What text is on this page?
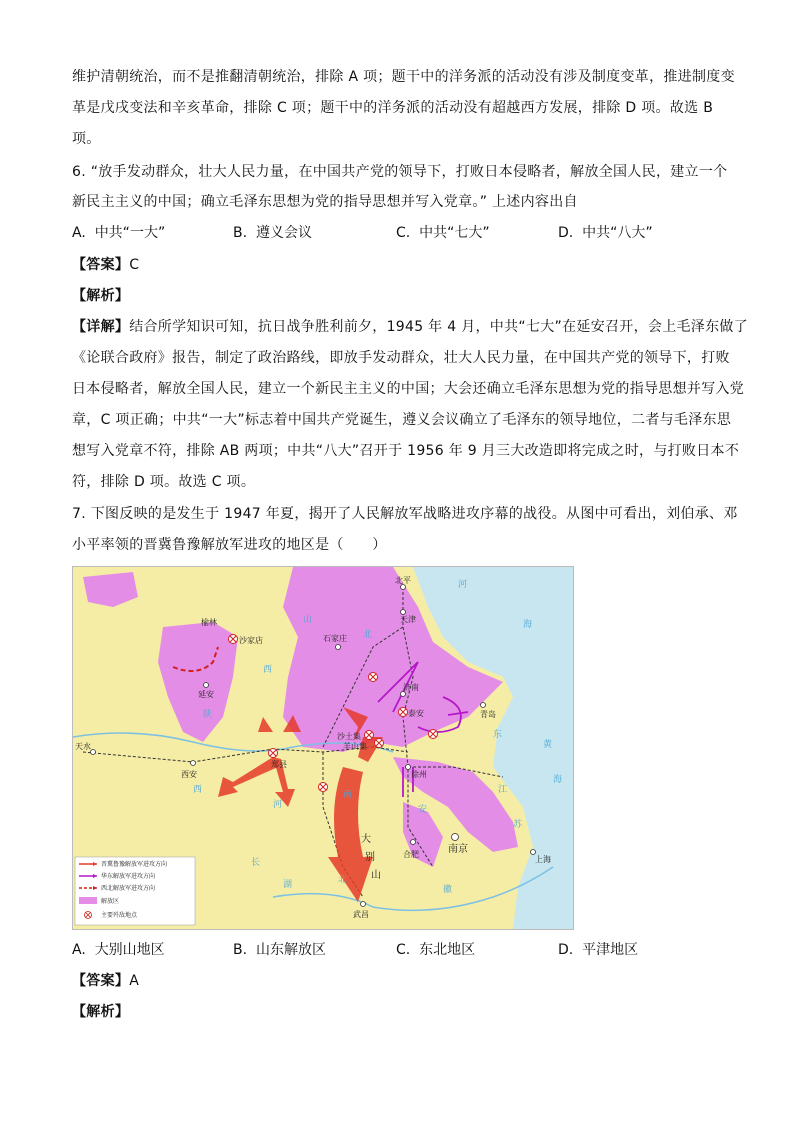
维护清朝统治，而不是推翻清朝统治，排除 A 项；题干中的洋务派的活动没有涉及制度变革，推进制度变
革是戊戌变法和辛亥革命，排除 C 项；题干中的洋务派的活动没有超越西方发展，排除 D 项。故选 B
项。
6. “放手发动群众，壮大人民力量，在中国共产党的领导下，打败日本侵略者，解放全国人民，建立一个
新民主主义的中国；确立毛泽东思想为党的指导思想并写入党章。” 上述内容出自
A. 中共“一大”	B. 遵义会议	C. 中共“七大”	D. 中共“八大”
【答案】C
【解析】
【详解】结合所学知识可知，抗日战争胜利前夕，1945 年 4 月，中共“七大”在延安召开，会上毛泽东做了
《论联合政府》报告，制定了政治路线，即放手发动群众，壮大人民力量，在中国共产党的领导下，打败
日本侵略者，解放全国人民，建立一个新民主主义的中国；大会还确立毛泽东思想为党的指导思想并写入党
章，C 项正确；中共“一大”标志着中国共产党诞生，遵义会议确立了毛泽东的领导地位，二者与毛泽东思
想写入党章不符，排除 AB 两项；中共“八大”召开于 1956 年 9 月三大改造即将完成之时，与打败日本不
符，排除 D 项。故选 C 项。
7. 下图反映的是发生于 1947 年夏，揭开了人民解放军战略进攻序幕的战役。从图中可看出，刘伯承、邓
小平率领的晋冀鲁豫解放军进攻的地区是（　　）
北平
天津
榆林
沙家店	石家庄
延安
济南
泰安	青岛
天水
西安
郑县
沙土集
羊山集
徐州
合肥	南京
上海
武昌
河
海
山
北
西
陕
东
黄
海
江
苏
河
南
安
徽
湖	北
长
西
大
别
山
晋冀鲁豫解放军进攻方向
华东解放军进攻方向
西北解放军进攻方向
解放区
主要歼敌地点
A. 大别山地区	B. 山东解放区	C. 东北地区	D. 平津地区
【答案】A
【解析】
